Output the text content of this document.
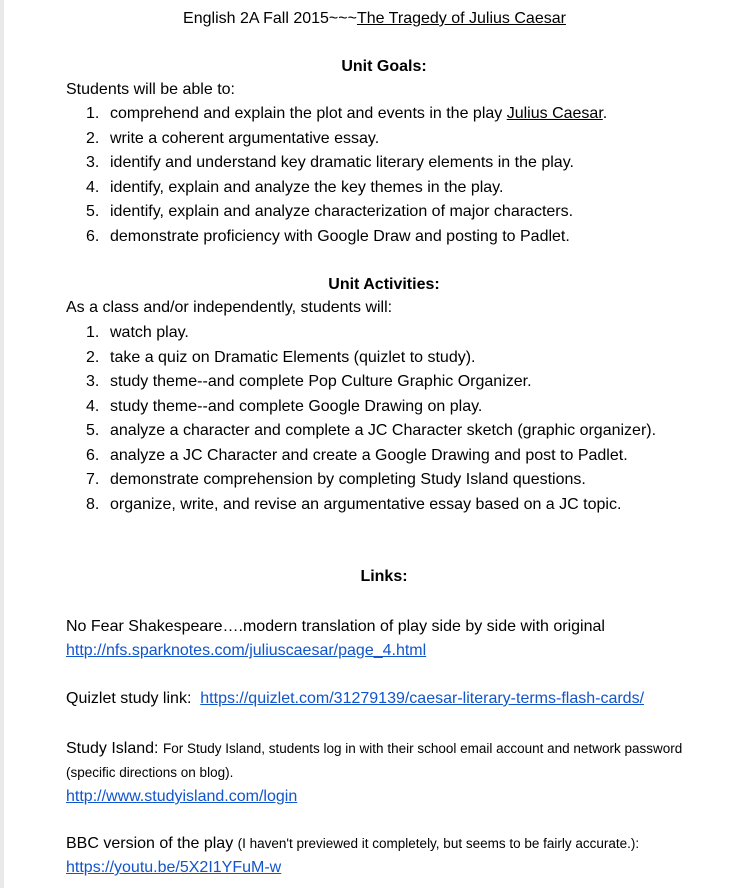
English 2A Fall 2015~~~The Tragedy of Julius Caesar
Unit Goals:

Students will be able to:

1. comprehend and explain the plot and events in the play Julius Caesar.
2. write a coherent argumentative essay.
3. identify and understand key dramatic literary elements in the play.
4. identify, explain and analyze the key themes in the play.
5. identify, explain and analyze characterization of major characters.
6. demonstrate proficiency with Google Draw and posting to Padlet.
Unit Activities:

As a class and/or independently, students will:

1. watch play.
2. take a quiz on Dramatic Elements (quizlet to study).
3. study theme--and complete Pop Culture Graphic Organizer.
4. study theme--and complete Google Drawing on play.
5. analyze a character and complete a JC Character sketch (graphic organizer).
6. analyze a JC Character and create a Google Drawing and post to Padlet.
7. demonstrate comprehension by completing Study Island questions.
8. organize, write, and revise an argumentative essay based on a JC topic.
Links:

No Fear Shakespeare….modern translation of play side by side with original
http://nfs.sparknotes.com/juliuscaesar/page_4.html

Quizlet study link: https://quizlet.com/31279139/caesar-literary-terms-flash-cards/

Study Island: For Study Island, students log in with their school email account and network password (specific directions on blog).
http://www.studyisland.com/login

BBC version of the play (I haven't previewed it completely, but seems to be fairly accurate.):
https://youtu.be/5X2I1YFuM-w
